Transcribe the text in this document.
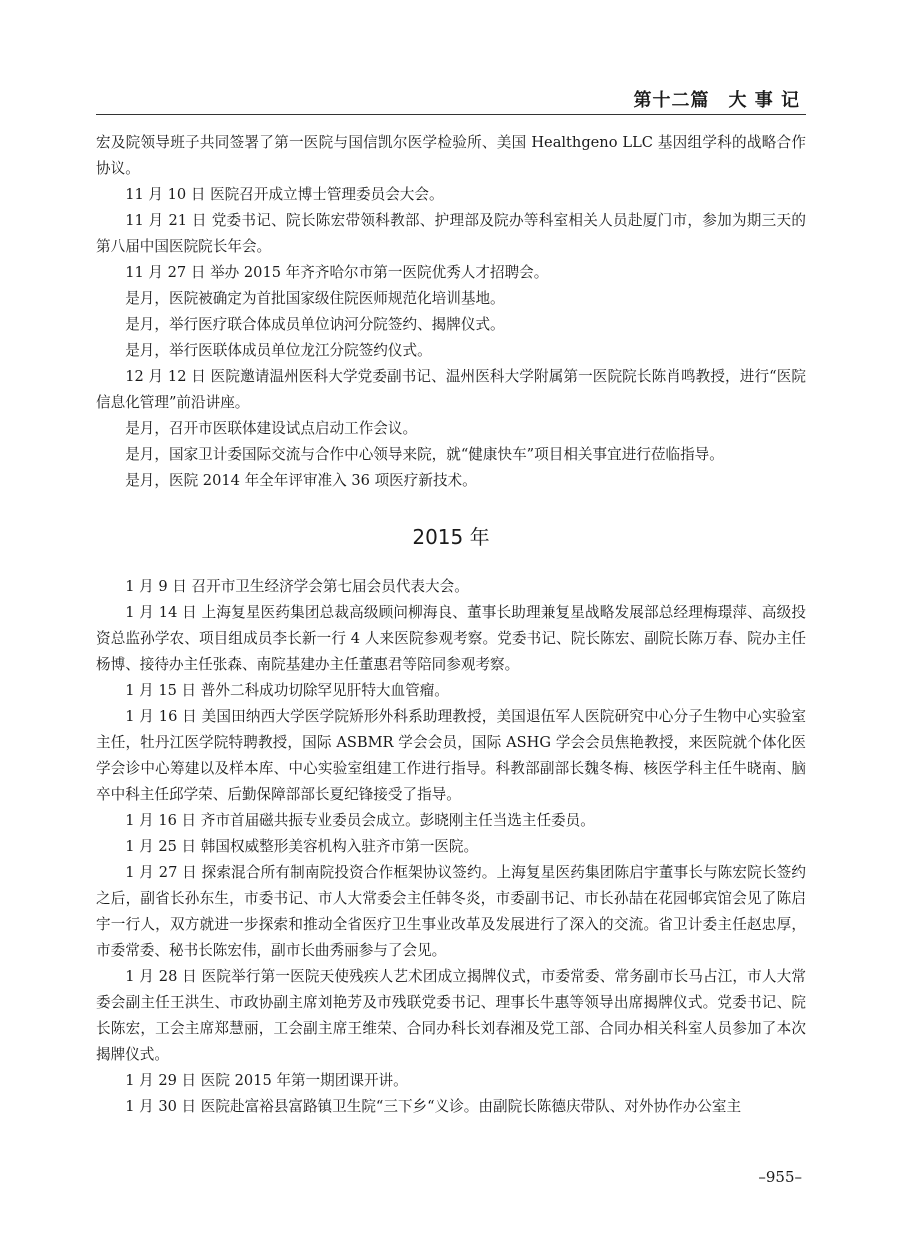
第十二篇　大 事 记

宏及院领导班子共同签署了第一医院与国信凯尔医学检验所、美国 Healthgeno LLC 基因组学科的战略合作协议。

11 月 10 日 医院召开成立博士管理委员会大会。

11 月 21 日 党委书记、院长陈宏带领科教部、护理部及院办等科室相关人员赴厦门市，参加为期三天的第八届中国医院院长年会。

11 月 27 日 举办 2015 年齐齐哈尔市第一医院优秀人才招聘会。

是月，医院被确定为首批国家级住院医师规范化培训基地。

是月，举行医疗联合体成员单位讷河分院签约、揭牌仪式。

是月，举行医联体成员单位龙江分院签约仪式。

12 月 12 日 医院邀请温州医科大学党委副书记、温州医科大学附属第一医院院长陈肖鸣教授，进行“医院信息化管理”前沿讲座。

是月，召开市医联体建设试点启动工作会议。

是月，国家卫计委国际交流与合作中心领导来院，就“健康快车”项目相关事宜进行莅临指导。

是月，医院 2014 年全年评审准入 36 项医疗新技术。

2015 年

1 月 9 日 召开市卫生经济学会第七届会员代表大会。

1 月 14 日 上海复星医药集团总裁高级顾问柳海良、董事长助理兼复星战略发展部总经理梅璟萍、高级投资总监孙学农、项目组成员李长新一行 4 人来医院参观考察。党委书记、院长陈宏、副院长陈万春、院办主任杨博、接待办主任张森、南院基建办主任董惠君等陪同参观考察。

1 月 15 日 普外二科成功切除罕见肝特大血管瘤。

1 月 16 日 美国田纳西大学医学院矫形外科系助理教授，美国退伍军人医院研究中心分子生物中心实验室主任，牡丹江医学院特聘教授，国际 ASBMR 学会会员，国际 ASHG 学会会员焦艳教授，来医院就个体化医学会诊中心筹建以及样本库、中心实验室组建工作进行指导。科教部副部长魏冬梅、核医学科主任牛晓南、脑卒中科主任邱学荣、后勤保障部部长夏纪锋接受了指导。

1 月 16 日 齐市首届磁共振专业委员会成立。彭晓刚主任当选主任委员。

1 月 25 日 韩国权威整形美容机构入驻齐市第一医院。

1 月 27 日 探索混合所有制南院投资合作框架协议签约。上海复星医药集团陈启宇董事长与陈宏院长签约之后，副省长孙东生，市委书记、市人大常委会主任韩冬炎，市委副书记、市长孙喆在花园邨宾馆会见了陈启宇一行人，双方就进一步探索和推动全省医疗卫生事业改革及发展进行了深入的交流。省卫计委主任赵忠厚，市委常委、秘书长陈宏伟，副市长曲秀丽参与了会见。

1 月 28 日 医院举行第一医院天使残疾人艺术团成立揭牌仪式，市委常委、常务副市长马占江，市人大常委会副主任王洪生、市政协副主席刘艳芳及市残联党委书记、理事长牛惠等领导出席揭牌仪式。党委书记、院长陈宏，工会主席郑慧丽，工会副主席王维荣、合同办科长刘春湘及党工部、合同办相关科室人员参加了本次揭牌仪式。

1 月 29 日 医院 2015 年第一期团课开讲。

1 月 30 日 医院赴富裕县富路镇卫生院“三下乡“义诊。由副院长陈德庆带队、对外协作办公室主

–955–
